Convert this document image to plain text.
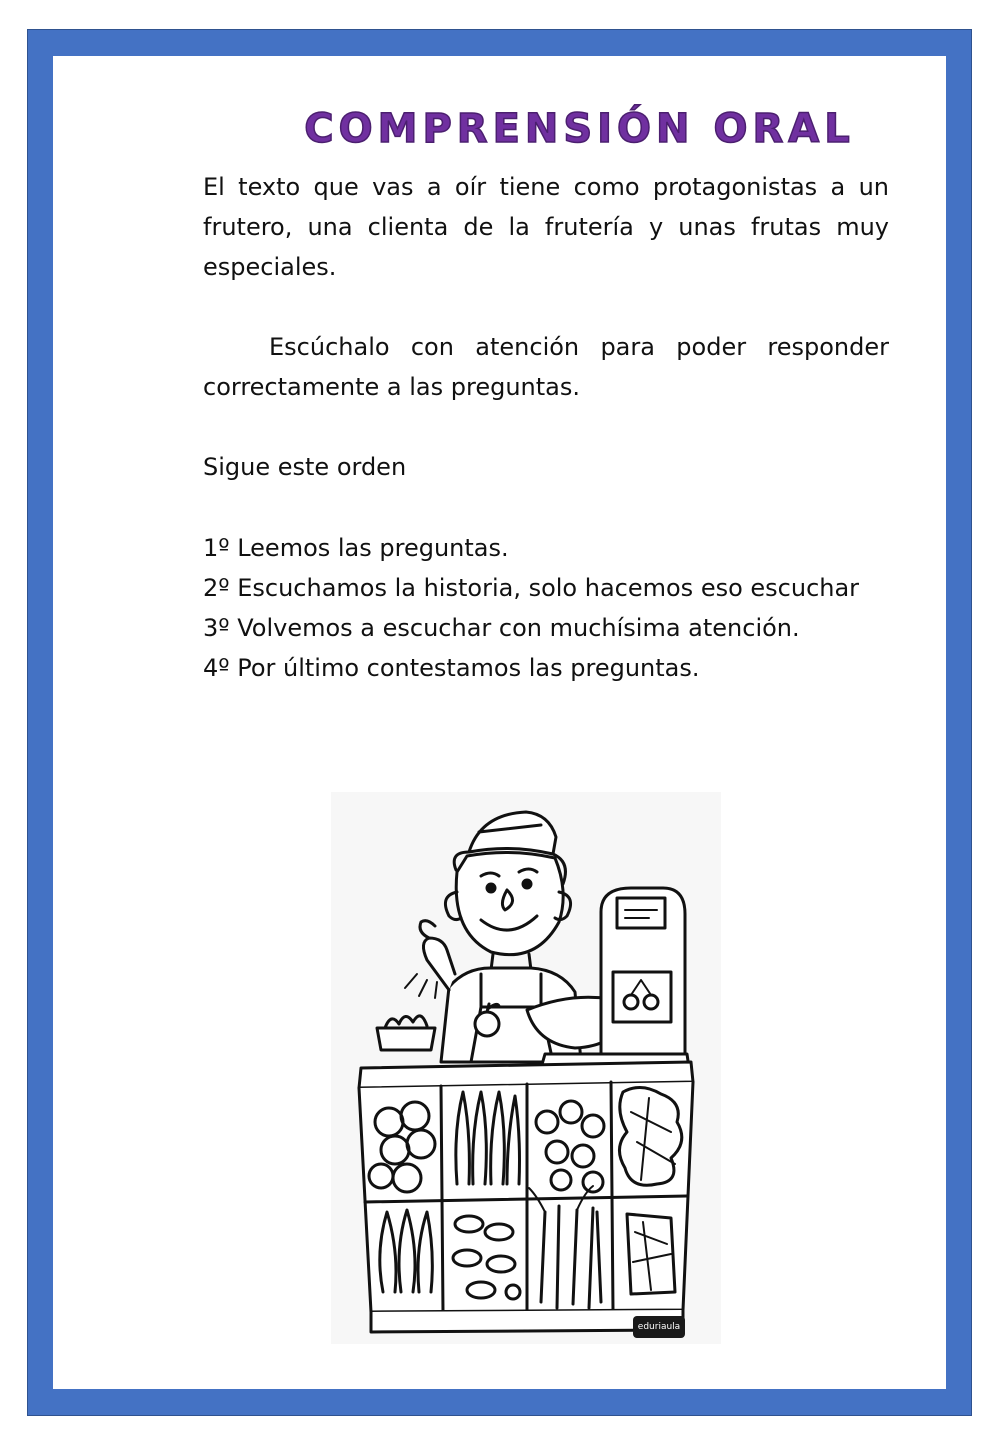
COMPRENSIÓN ORAL

El texto que vas a oír tiene como protagonistas a un frutero, una clienta de la frutería y unas frutas muy especiales.

Escúchalo con atención para poder responder correctamente a las preguntas.

Sigue este orden

1º Leemos las preguntas.
2º Escuchamos la historia, solo hacemos eso escuchar
3º Volvemos a escuchar con muchísima atención.
4º Por último contestamos las preguntas.
eduriaula
